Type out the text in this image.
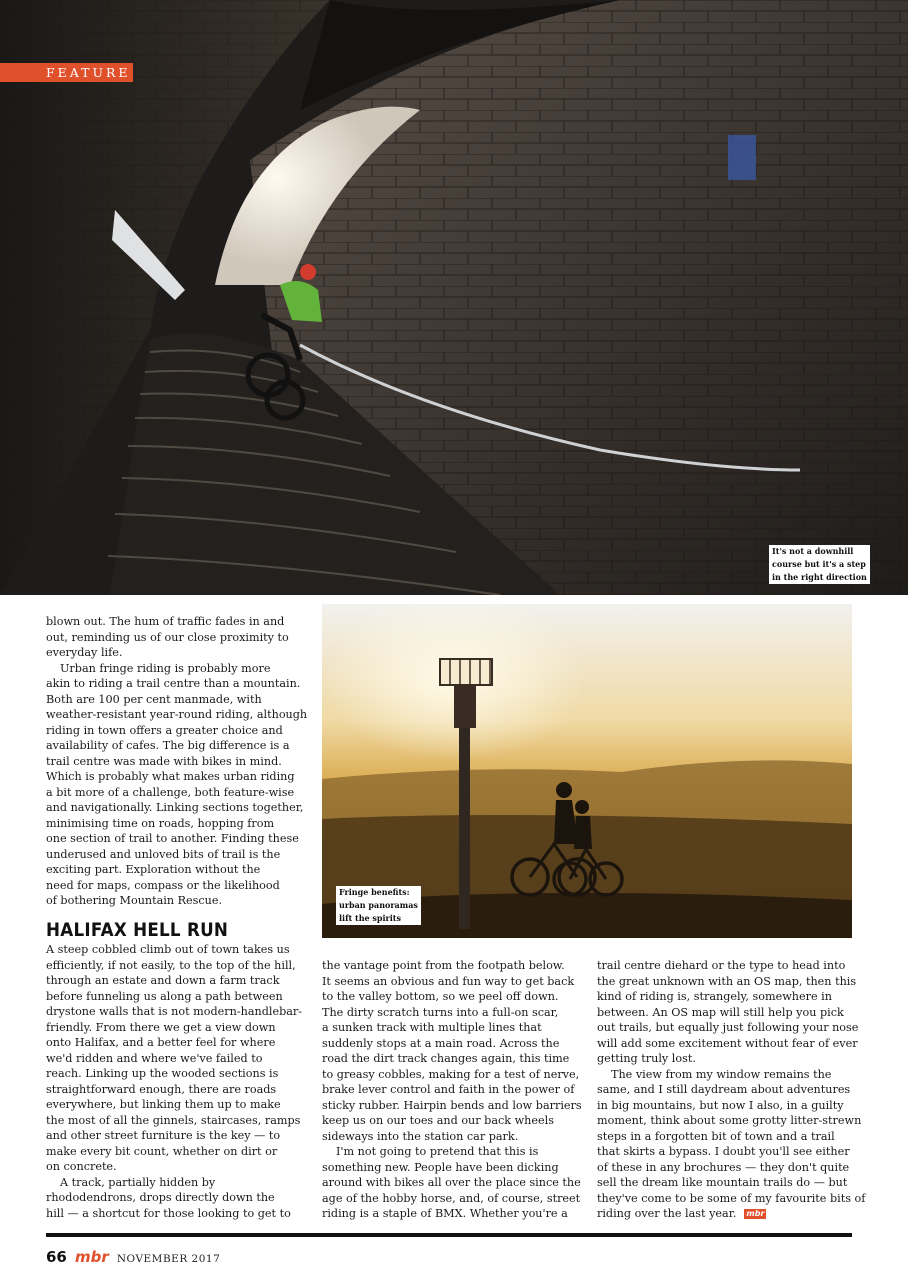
FEATURE
It's not a downhill
course but it's a step
in the right direction
Fringe benefits:
urban panoramas
lift the spirits
blown out. The hum of traffic fades in and
out, reminding us of our close proximity to
everyday life.
Urban fringe riding is probably more
akin to riding a trail centre than a mountain.
Both are 100 per cent manmade, with
weather-resistant year-round riding, although
riding in town offers a greater choice and
availability of cafes. The big difference is a
trail centre was made with bikes in mind.
Which is probably what makes urban riding
a bit more of a challenge, both feature-wise
and navigationally. Linking sections together,
minimising time on roads, hopping from
one section of trail to another. Finding these
underused and unloved bits of trail is the
exciting part. Exploration without the
need for maps, compass or the likelihood
of bothering Mountain Rescue.
HALIFAX HELL RUN
A steep cobbled climb out of town takes us
efficiently, if not easily, to the top of the hill,
through an estate and down a farm track
before funneling us along a path between
drystone walls that is not modern-handlebar-
friendly. From there we get a view down
onto Halifax, and a better feel for where
we'd ridden and where we've failed to
reach. Linking up the wooded sections is
straightforward enough, there are roads
everywhere, but linking them up to make
the most of all the ginnels, staircases, ramps
and other street furniture is the key — to
make every bit count, whether on dirt or
on concrete.
A track, partially hidden by
rhododendrons, drops directly down the
hill — a shortcut for those looking to get to
the vantage point from the footpath below.
It seems an obvious and fun way to get back
to the valley bottom, so we peel off down.
The dirty scratch turns into a full-on scar,
a sunken track with multiple lines that
suddenly stops at a main road. Across the
road the dirt track changes again, this time
to greasy cobbles, making for a test of nerve,
brake lever control and faith in the power of
sticky rubber. Hairpin bends and low barriers
keep us on our toes and our back wheels
sideways into the station car park.
I'm not going to pretend that this is
something new. People have been dicking
around with bikes all over the place since the
age of the hobby horse, and, of course, street
riding is a staple of BMX. Whether you're a
trail centre diehard or the type to head into
the great unknown with an OS map, then this
kind of riding is, strangely, somewhere in
between. An OS map will still help you pick
out trails, but equally just following your nose
will add some excitement without fear of ever
getting truly lost.
The view from my window remains the
same, and I still daydream about adventures
in big mountains, but now I also, in a guilty
moment, think about some grotty litter-strewn
steps in a forgotten bit of town and a trail
that skirts a bypass. I doubt you'll see either
of these in any brochures — they don't quite
sell the dream like mountain trails do — but
they've come to be some of my favourite bits of
riding over the last year. mbr
66 mbr NOVEMBER 2017
